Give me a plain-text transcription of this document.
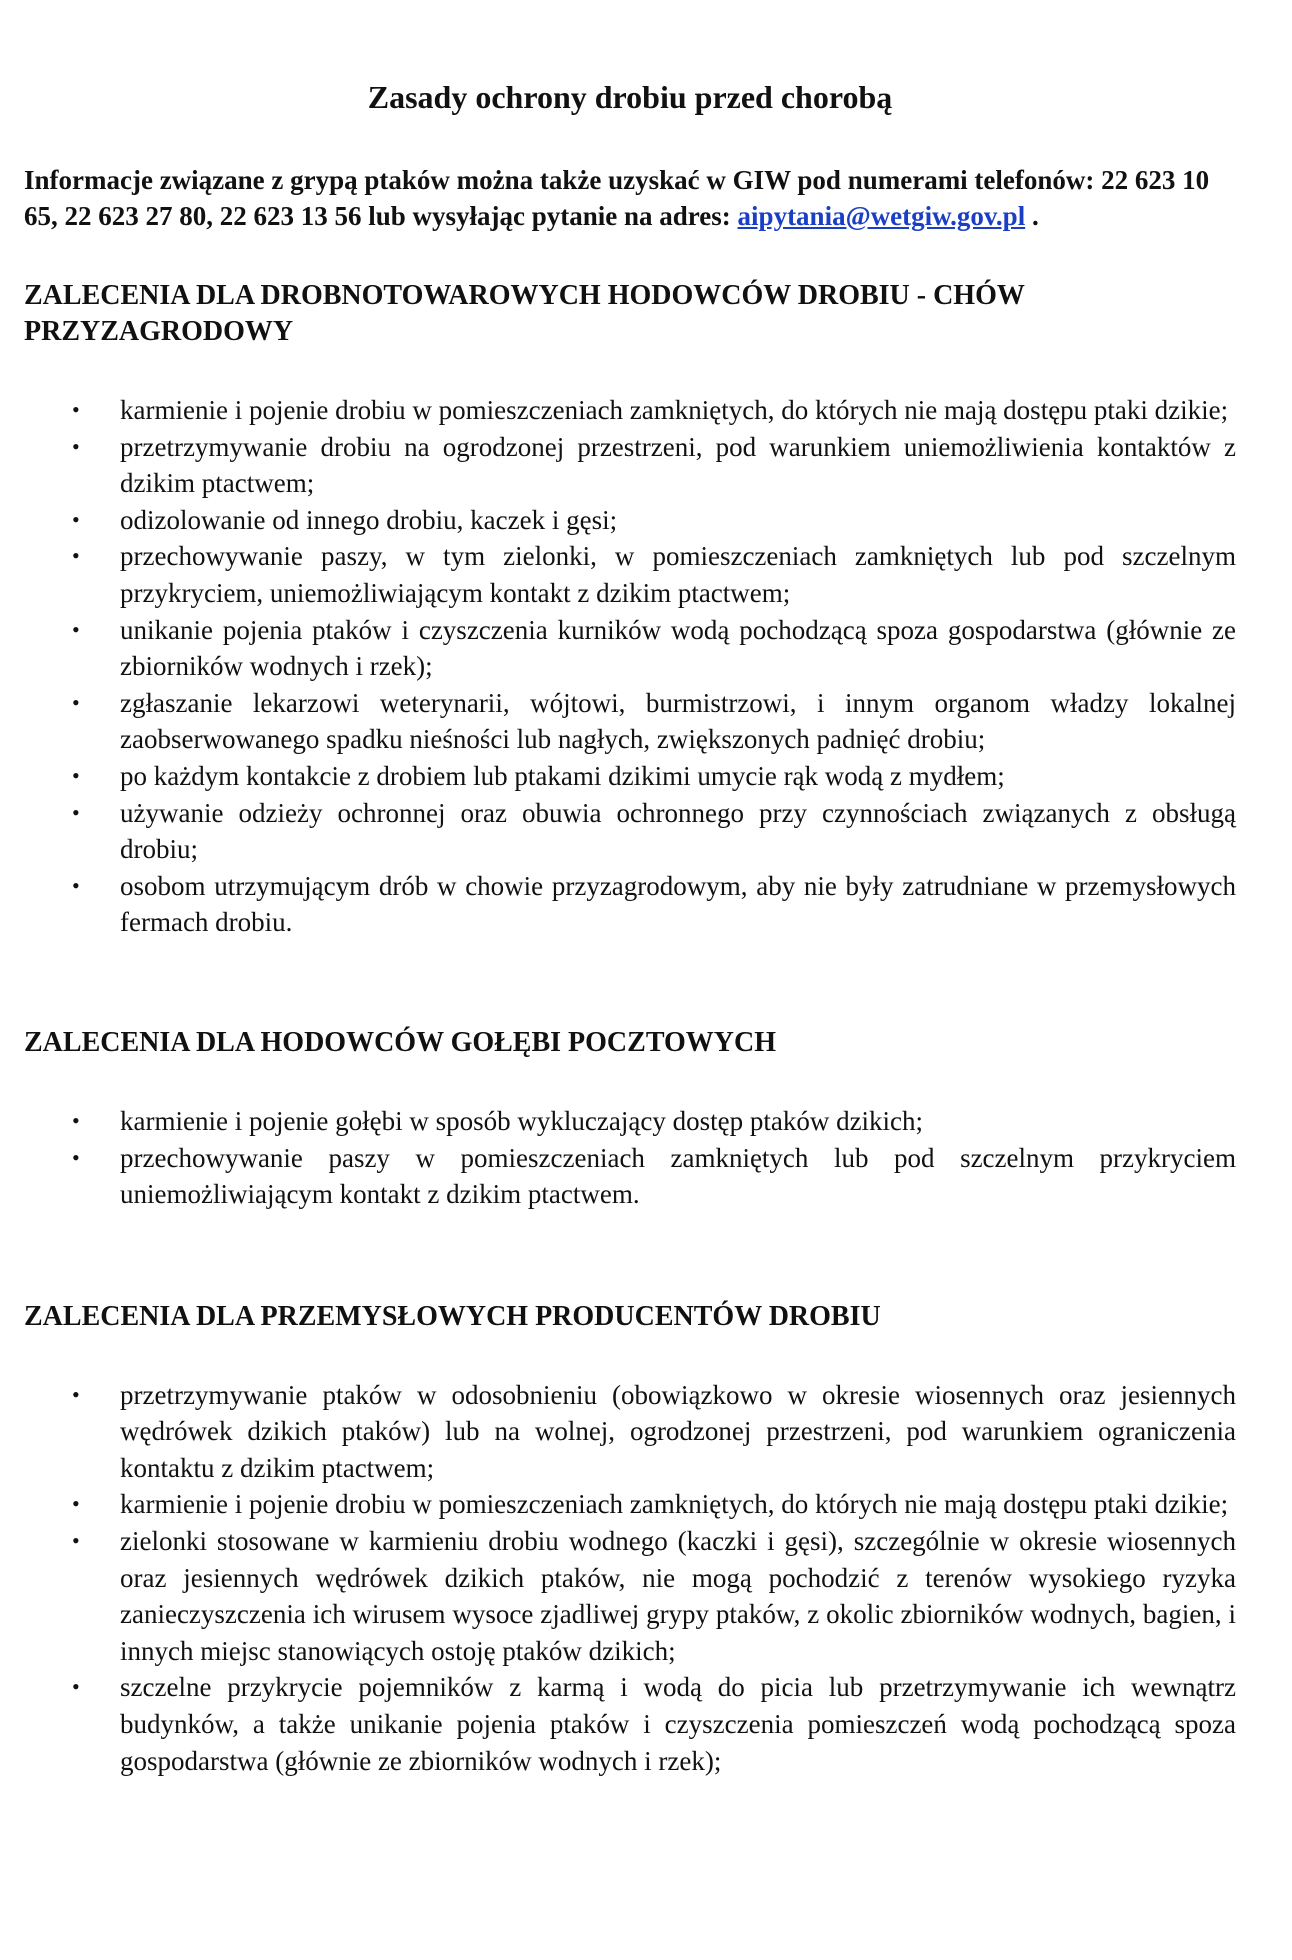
Zasady ochrony drobiu przed chorobą

Informacje związane z grypą ptaków można także uzyskać w GIW pod numerami telefonów: 22 623 10 65, 22 623 27 80, 22 623 13 56 lub wysyłając pytanie na adres: aipytania@wetgiw.gov.pl .

ZALECENIA DLA DROBNOTOWAROWYCH HODOWCÓW DROBIU - CHÓW PRZYZAGRODOWY
• karmienie i pojenie drobiu w pomieszczeniach zamkniętych, do których nie mają dostępu ptaki dzikie;
• przetrzymywanie drobiu na ogrodzonej przestrzeni, pod warunkiem uniemożliwienia kontaktów z dzikim ptactwem;
• odizolowanie od innego drobiu, kaczek i gęsi;
• przechowywanie paszy, w tym zielonki, w pomieszczeniach zamkniętych lub pod szczelnym przykryciem, uniemożliwiającym kontakt z dzikim ptactwem;
• unikanie pojenia ptaków i czyszczenia kurników wodą pochodzącą spoza gospodarstwa (głównie ze zbiorników wodnych i rzek);
• zgłaszanie lekarzowi weterynarii, wójtowi, burmistrzowi, i innym organom władzy lokalnej zaobserwowanego spadku nieśności lub nagłych, zwiększonych padnięć drobiu;
• po każdym kontakcie z drobiem lub ptakami dzikimi umycie rąk wodą z mydłem;
• używanie odzieży ochronnej oraz obuwia ochronnego przy czynnościach związanych z obsługą drobiu;
• osobom utrzymującym drób w chowie przyzagrodowym, aby nie były zatrudniane w przemysłowych fermach drobiu.
ZALECENIA DLA HODOWCÓW GOŁĘBI POCZTOWYCH
• karmienie i pojenie gołębi w sposób wykluczający dostęp ptaków dzikich;
• przechowywanie paszy w pomieszczeniach zamkniętych lub pod szczelnym przykryciem uniemożliwiającym kontakt z dzikim ptactwem.
ZALECENIA DLA PRZEMYSŁOWYCH PRODUCENTÓW DROBIU
• przetrzymywanie ptaków w odosobnieniu (obowiązkowo w okresie wiosennych oraz jesiennych wędrówek dzikich ptaków) lub na wolnej, ogrodzonej przestrzeni, pod warunkiem ograniczenia kontaktu z dzikim ptactwem;
• karmienie i pojenie drobiu w pomieszczeniach zamkniętych, do których nie mają dostępu ptaki dzikie;
• zielonki stosowane w karmieniu drobiu wodnego (kaczki i gęsi), szczególnie w okresie wiosennych oraz jesiennych wędrówek dzikich ptaków, nie mogą pochodzić z terenów wysokiego ryzyka zanieczyszczenia ich wirusem wysoce zjadliwej grypy ptaków, z okolic zbiorników wodnych, bagien, i innych miejsc stanowiących ostoję ptaków dzikich;
• szczelne przykrycie pojemników z karmą i wodą do picia lub przetrzymywanie ich wewnątrz budynków, a także unikanie pojenia ptaków i czyszczenia pomieszczeń wodą pochodzącą spoza gospodarstwa (głównie ze zbiorników wodnych i rzek);
